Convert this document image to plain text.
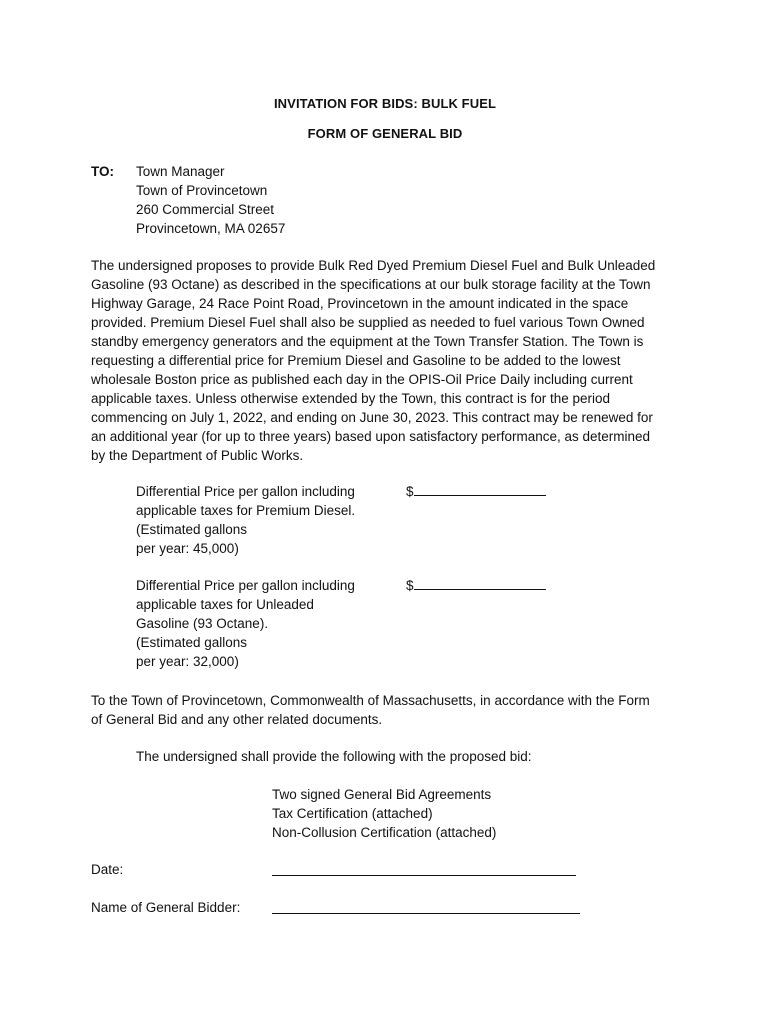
INVITATION FOR BIDS: BULK FUEL
FORM OF GENERAL BID
TO: Town Manager
Town of Provincetown
260 Commercial Street
Provincetown, MA 02657

The undersigned proposes to provide Bulk Red Dyed Premium Diesel Fuel and Bulk Unleaded
Gasoline (93 Octane) as described in the specifications at our bulk storage facility at the Town
Highway Garage, 24 Race Point Road, Provincetown in the amount indicated in the space
provided. Premium Diesel Fuel shall also be supplied as needed to fuel various Town Owned
standby emergency generators and the equipment at the Town Transfer Station. The Town is
requesting a differential price for Premium Diesel and Gasoline to be added to the lowest
wholesale Boston price as published each day in the OPIS-Oil Price Daily including current
applicable taxes. Unless otherwise extended by the Town, this contract is for the period
commencing on July 1, 2022, and ending on June 30, 2023. This contract may be renewed for
an additional year (for up to three years) based upon satisfactory performance, as determined
by the Department of Public Works.

Differential Price per gallon including
applicable taxes for Premium Diesel.
(Estimated gallons
per year: 45,000)

$

Differential Price per gallon including
applicable taxes for Unleaded
Gasoline (93 Octane).
(Estimated gallons
per year: 32,000)

$

To the Town of Provincetown, Commonwealth of Massachusetts, in accordance with the Form
of General Bid and any other related documents.

The undersigned shall provide the following with the proposed bid:

Two signed General Bid Agreements
Tax Certification (attached)
Non-Collusion Certification (attached)

Date:

Name of General Bidder:
